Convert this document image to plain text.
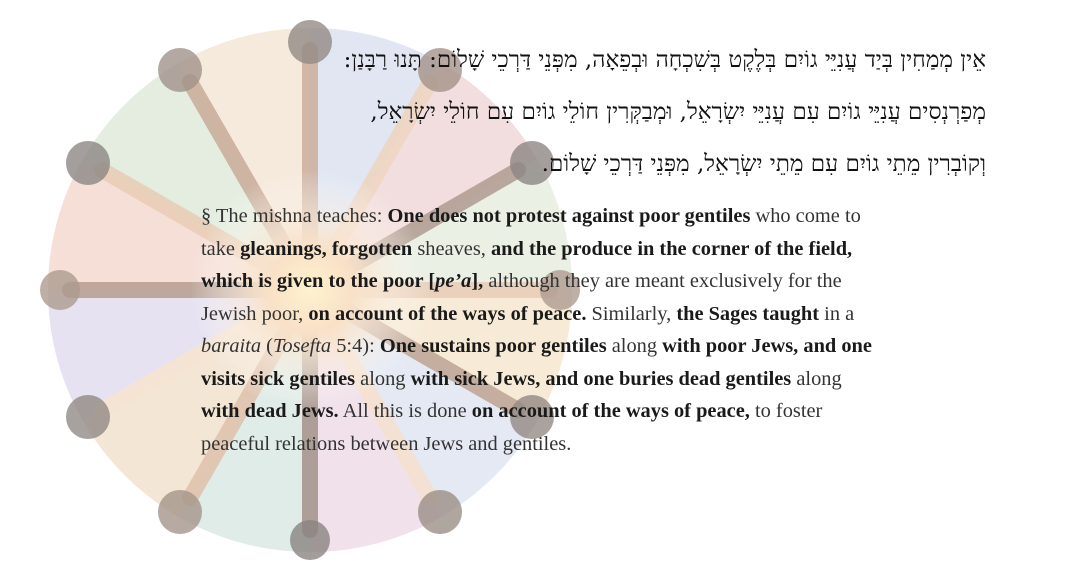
אֵין מְמַחִין בְּיַד עֲנִיֵּי גוֹיִם בְּלֶקֶט בְּשִׁכְחָה וּבְפֵאָה, מִפְּנֵי דַּרְכֵי שָׁלוֹם: תָּנוּ רַבָּנַן:
מְפַרְנְסִים עֲנִיֵּי גוֹיִם עִם עֲנִיֵּי יִשְׂרָאֵל, וּמְבַקְּרִין חוֹלֵי גוֹיִם עִם חוֹלֵי יִשְׂרָאֵל,
וְקוֹבְרִין מֵתֵי גוֹיִם עִם מֵתֵי יִשְׂרָאֵל, מִפְּנֵי דַּרְכֵי שָׁלוֹם.
§ The mishna teaches: One does not protest against poor gentiles who come to
take gleanings, forgotten sheaves, and the produce in the corner of the field,
which is given to the poor [pe’a], although they are meant exclusively for the
Jewish poor, on account of the ways of peace. Similarly, the Sages taught in a
baraita (Tosefta 5:4): One sustains poor gentiles along with poor Jews, and one
visits sick gentiles along with sick Jews, and one buries dead gentiles along
with dead Jews. All this is done on account of the ways of peace, to foster
peaceful relations between Jews and gentiles.
